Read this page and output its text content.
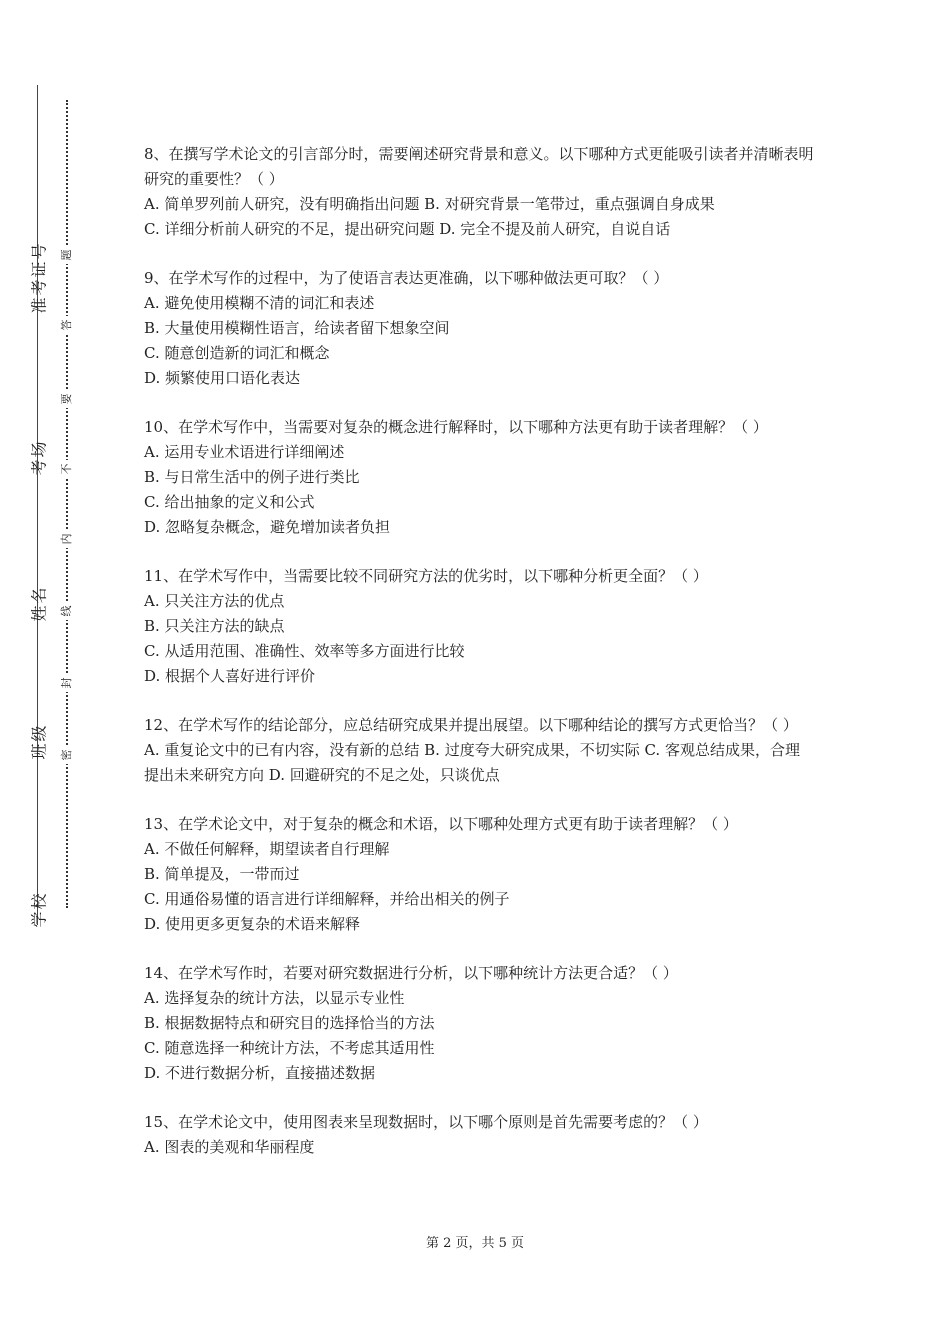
准考证号
考场
姓名
班级
学校
题
答
要
不
内
线
封
密

8、在撰写学术论文的引言部分时，需要阐述研究背景和意义。以下哪种方式更能吸引读者并清晰表明研究的重要性？（ ）

A. 简单罗列前人研究，没有明确指出问题 B. 对研究背景一笔带过，重点强调自身成果

C. 详细分析前人研究的不足，提出研究问题 D. 完全不提及前人研究，自说自话

9、在学术写作的过程中，为了使语言表达更准确，以下哪种做法更可取？（ ）

A. 避免使用模糊不清的词汇和表述

B. 大量使用模糊性语言，给读者留下想象空间

C. 随意创造新的词汇和概念

D. 频繁使用口语化表达

10、在学术写作中，当需要对复杂的概念进行解释时，以下哪种方法更有助于读者理解？（ ）

A. 运用专业术语进行详细阐述

B. 与日常生活中的例子进行类比

C. 给出抽象的定义和公式

D. 忽略复杂概念，避免增加读者负担

11、在学术写作中，当需要比较不同研究方法的优劣时，以下哪种分析更全面？（ ）

A. 只关注方法的优点

B. 只关注方法的缺点

C. 从适用范围、准确性、效率等多方面进行比较

D. 根据个人喜好进行评价

12、在学术写作的结论部分，应总结研究成果并提出展望。以下哪种结论的撰写方式更恰当？（ ）

A. 重复论文中的已有内容，没有新的总结 B. 过度夸大研究成果，不切实际 C. 客观总结成果，合理提出未来研究方向 D. 回避研究的不足之处，只谈优点

13、在学术论文中，对于复杂的概念和术语，以下哪种处理方式更有助于读者理解？（ ）

A. 不做任何解释，期望读者自行理解

B. 简单提及，一带而过

C. 用通俗易懂的语言进行详细解释，并给出相关的例子

D. 使用更多更复杂的术语来解释

14、在学术写作时，若要对研究数据进行分析，以下哪种统计方法更合适？（ ）

A. 选择复杂的统计方法，以显示专业性

B. 根据数据特点和研究目的选择恰当的方法

C. 随意选择一种统计方法，不考虑其适用性

D. 不进行数据分析，直接描述数据

15、在学术论文中，使用图表来呈现数据时，以下哪个原则是首先需要考虑的？（ ）

A. 图表的美观和华丽程度

第 2 页，共 5 页
